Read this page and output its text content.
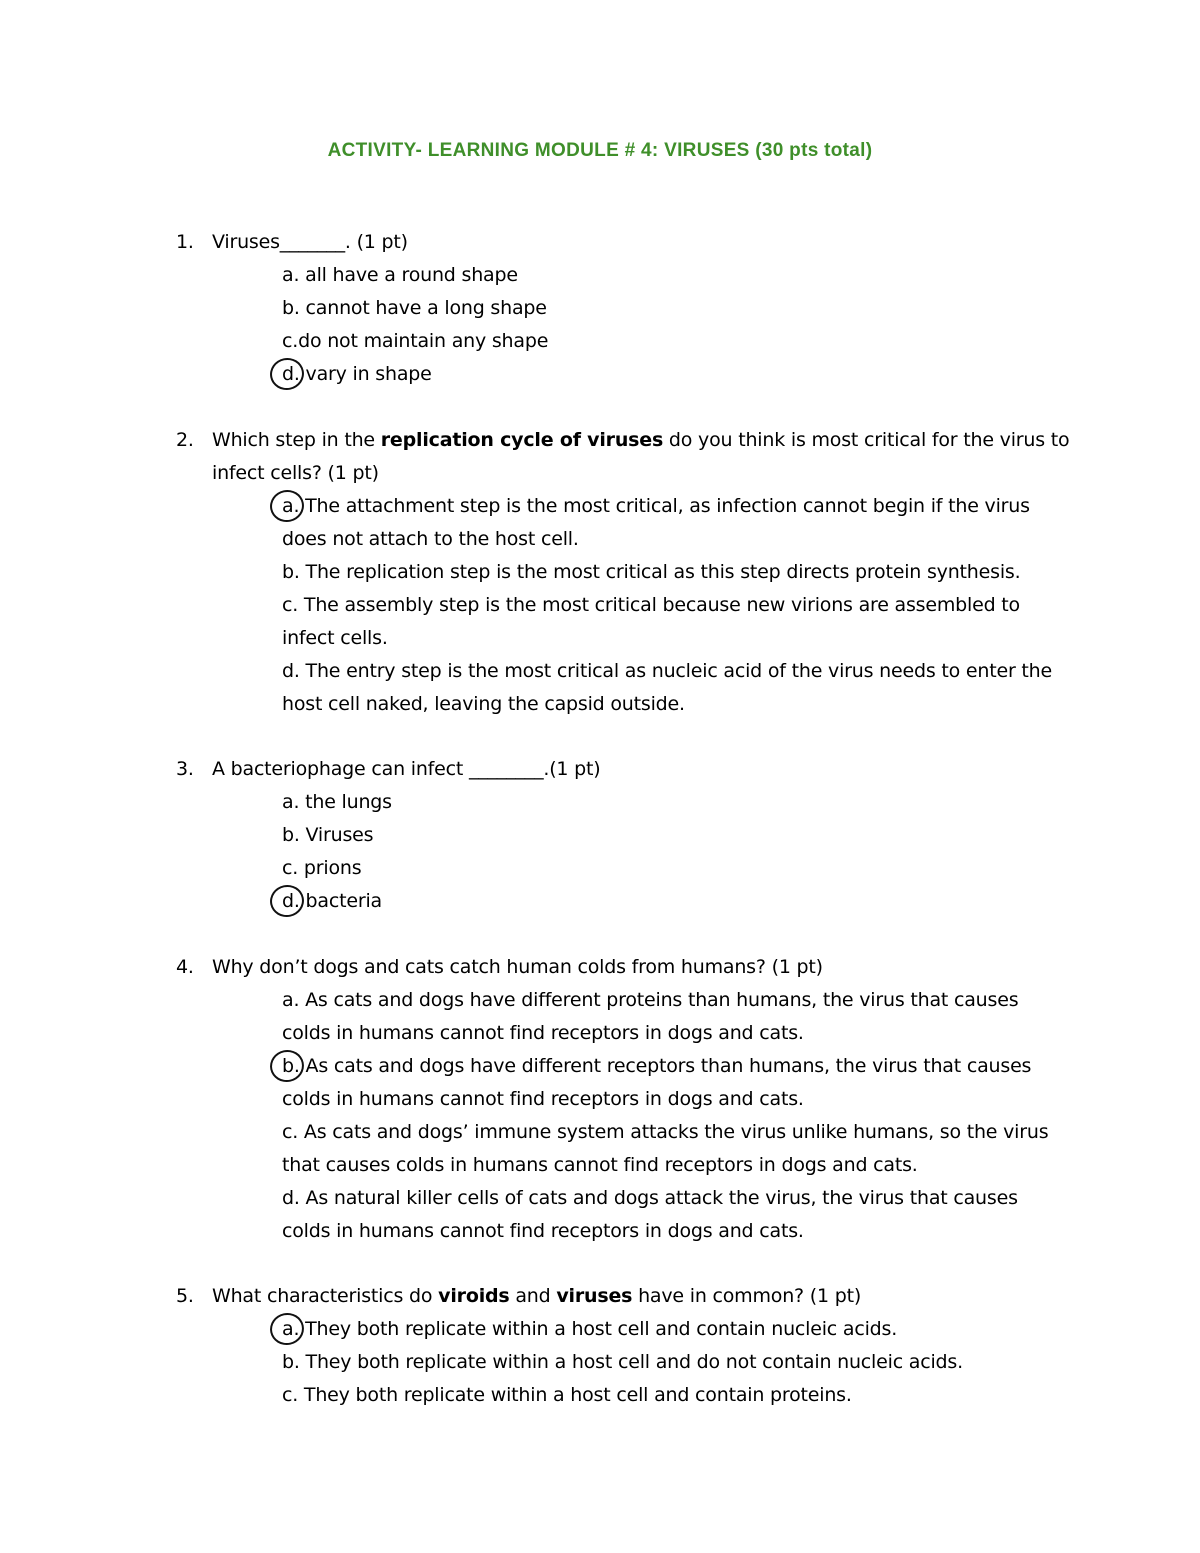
ACTIVITY- LEARNING MODULE # 4: VIRUSES (30 pts total)
1. Viruses_______. (1 pt)
a. all have a round shape
b. cannot have a long shape
c.do not maintain any shape
d. vary in shape
2. Which step in the replication cycle of viruses do you think is most critical for the virus to
infect cells? (1 pt)
a. The attachment step is the most critical, as infection cannot begin if the virus
does not attach to the host cell.
b. The replication step is the most critical as this step directs protein synthesis.
c. The assembly step is the most critical because new virions are assembled to
infect cells.
d. The entry step is the most critical as nucleic acid of the virus needs to enter the
host cell naked, leaving the capsid outside.
3. A bacteriophage can infect ________.(1 pt)
a. the lungs
b. Viruses
c. prions
d. bacteria
4. Why don’t dogs and cats catch human colds from humans? (1 pt)
a. As cats and dogs have different proteins than humans, the virus that causes
colds in humans cannot find receptors in dogs and cats.
b. As cats and dogs have different receptors than humans, the virus that causes
colds in humans cannot find receptors in dogs and cats.
c. As cats and dogs’ immune system attacks the virus unlike humans, so the virus
that causes colds in humans cannot find receptors in dogs and cats.
d. As natural killer cells of cats and dogs attack the virus, the virus that causes
colds in humans cannot find receptors in dogs and cats.
5. What characteristics do viroids and viruses have in common? (1 pt)
a. They both replicate within a host cell and contain nucleic acids.
b. They both replicate within a host cell and do not contain nucleic acids.
c. They both replicate within a host cell and contain proteins.
